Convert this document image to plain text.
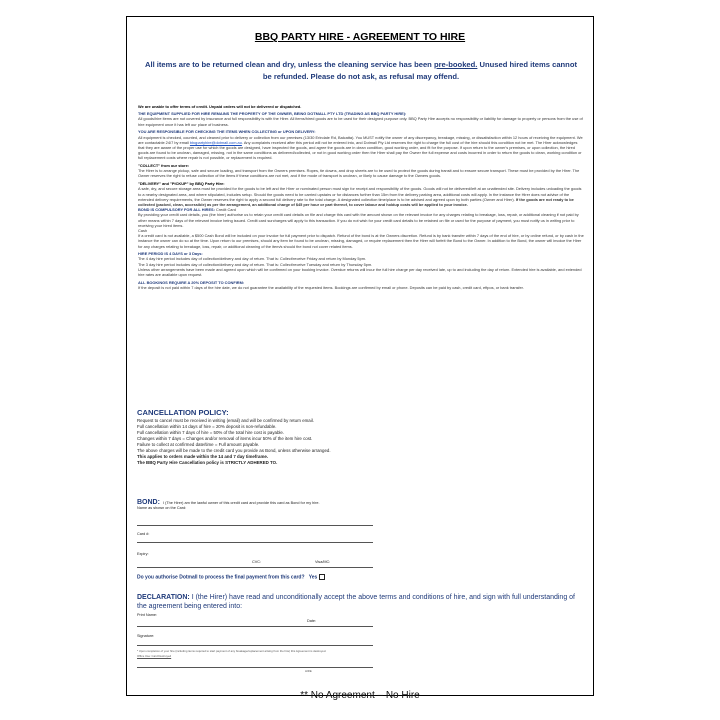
BBQ PARTY HIRE - AGREEMENT TO HIRE
All items are to be returned clean and dry, unless the cleaning service has been pre-booked. Unused hired items cannot be refunded. Please do not ask, as refusal may offend.

We are unable to offer terms of credit. Unpaid orders will not be delivered or dispatched.

THE EQUIPMENT SUPPLIED FOR HIRE REMAINS THE PROPERTY OF THE OWNER, BEING DOTMALL PTY LTD (TRADING AS BBQ PARTY HIRE):

All goods/hire items are not covered by insurance and full responsibility is with the Hirer. All items/hired goods are to be used for their designed purpose only. BBQ Party Hire accepts no responsibility or liability for damage to property or persons from the use of hire equipment once it has left our place of business.

YOU ARE RESPONSIBLE FOR CHECKING THE ITEMS WHEN COLLECTING or UPON DELIVERY:

All equipment is checked, counted, and cleaned prior to delivery or collection from our premises (13/30 Erindale Rd, Balcatta). You MUST notify the owner of any discrepancy, breakage, missing, or dissatisfaction within 12 hours of receiving the equipment. We are contactable 24/7 by email bbqpartyhire@dotmall.com.au. Any complaints received after this period will not be entered into, and Dotmall Pty Ltd reserves the right to charge the full cost of the hire should this condition not be met. The Hirer acknowledges that they are aware of the proper use for which the goods are designed, have inspected the goods, and agree the goods are in clean condition, good working order, and fit for the purpose. If upon return to the owner's premises, or upon collection, the hired goods are found to be unclean, damaged, missing, not in the same conditions as delivered/collected, or not in good working order then the Hirer shall pay the Owner the full expense and costs incurred in order to return the goods to clean, working condition or full replacement costs where repair is not possible, or replacement is required.

"COLLECT" from our store:

The Hirer is to arrange pickup, safe and secure loading, and transport from the Owners premises. Ropes, tie downs, and drop sheets are to be used to protect the goods during transit and to ensure secure transport. These must be provided by the Hirer. The Owner reserves the right to refuse collection of the items if these conditions are not met, and if the mode of transport is unclean, or likely to cause damage to the Owners goods.

"DELIVERY" and "PICKUP" by BBQ Party Hire:

A safe, dry, and secure storage area must be provided for the goods to be left and the Hirer or nominated person must sign for receipt and responsibility of the goods. Goods will not be delivered/left at an unattended site. Delivery includes unloading the goods to a nearby designated area, and where stipulated, includes setup. Should the goods need to be carried upstairs or for distances further than 15m from the delivery parking area, additional costs will apply. In the instance the Hirer does not advise of the extended delivery requirements, the Owner reserves the right to apply a second full delivery rate to the total charge. A designated collection time/place is to be advised and agreed upon by both parties (Owner and Hirer). If the goods are not ready to be collected (packed, clean, accessible) as per the arrangement, an additional charge of $45 per hour or part thereof, to cover labour and holdup costs will be applied to your invoice.

BOND IS COMPULSORY FOR ALL HIRES: Credit Card

By providing your credit card details, you (the hirer) authorise us to retain your credit card details on file and charge this card with the amount shown on the relevant invoice for any charges relating to breakage, loss, repair, or additional cleaning if not paid by other means within 7 days of the relevant invoice being issued. Credit card surcharges will apply to this transaction. If you do not wish for your credit card details to be retained on file or used for the purpose of payment, you must notify us in writing prior to receiving your hired items.

Cash

If a credit card is not available, a $500 Cash Bond will be included on your invoice for full payment prior to dispatch. Refund of the bond is at the Owners discretion. Refund is by bank transfer within 7 days of the end of hire, or by online refund, or by cash in the instance the owner can do so at the time. Upon return to our premises, should any item be found to be unclean, missing, damaged, or require replacement then the Hirer will forfeit the Bond to the Owner. In addition to the Bond, the owner will invoice the Hirer for any charges relating to breakage, loss, repair, or additional cleaning of the item/s should the bond not cover related items.

HIRE PERIOD IS 4 DAYS or 3 Days:

The 4 day hire period includes day of collection/delivery and day of return. That is: Collect/receive Friday and return by Monday 5pm.

The 3 day hire period includes day of collection/delivery and day of return. That is: Collect/receive Tuesday and return by Thursday 5pm.

Unless other arrangements have been made and agreed upon which will be confirmed on your booking invoice. Overdue returns will incur the full hire charge per day received late, up to and including the day of return. Extended hire is available, and extended hire rates are available upon request.

ALL BOOKINGS REQUIRE A 20% DEPOSIT TO CONFIRM:

If the deposit is not paid within 7 days of the hire date, we do not guarantee the availability of the requested items. Bookings are confirmed by email or phone. Deposits can be paid by cash, credit card, eftpos, or bank transfer.

CANCELLATION POLICY:
Request to cancel must be received in writing (email) and will be confirmed by return email.
Full cancellation within 14 days of hire = 20% deposit is non-refundable.
Full cancellation within 7 days of hire = 50% of the total hire cost is payable.
Changes within 7 days = Changes and/or removal of items incur 50% of the item hire cost.
Failure to collect at confirmed date/time = Full amount payable.
The above charges will be made to the credit card you provide as Bond, unless otherwise arranged.
This applies to orders made within the 14 and 7 day timeframe.
The BBQ Party Hire Cancellation policy is STRICTLY ADHERED TO.
BOND: I (The Hirer) am the lawful owner of this credit card and provide this card as Bond for my hire.
Name as shown on the Card:
Card #:
Expiry:
CVC:	Visa/MC:
Do you authorise Dotmall to process the final payment from this card? Yes
DECLARATION: I (the Hirer) have read and unconditionally accept the above terms and conditions of hire, and sign with full understanding of the agreement being entered into:
Print Name:
Date:
Signature:
* Upon completion of your hire (including items required to start payment of any breakage/replacement arising from the hire) this Agreement is destroyed.
Office Use: Card Destroyed
HIRE
** No Agreement – No Hire
